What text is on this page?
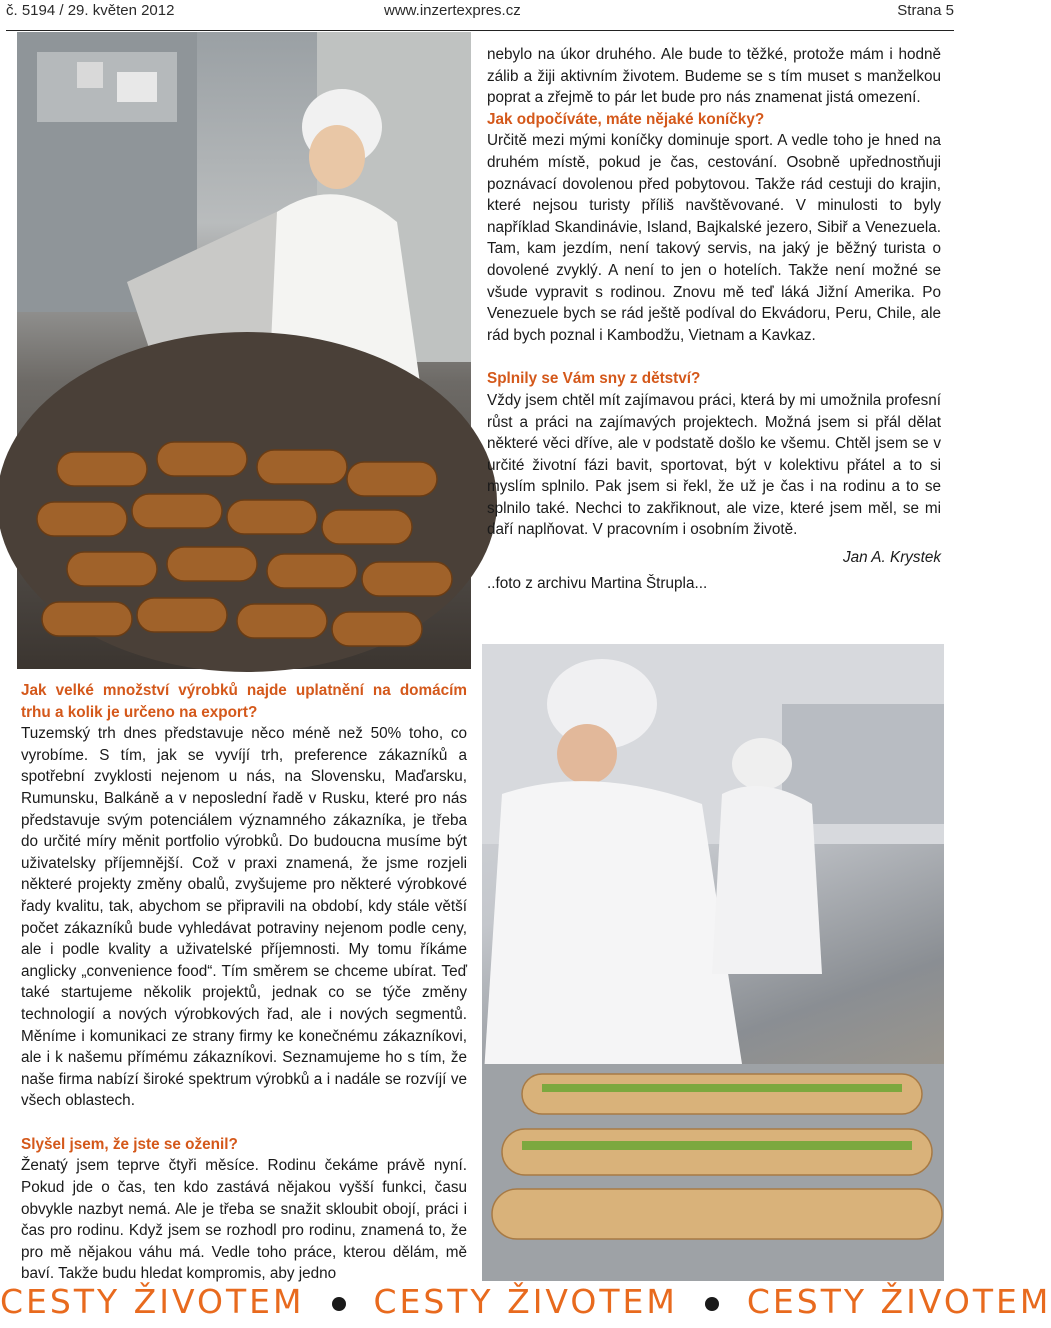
č. 5194 / 29. květen 2012	www.inzertexpres.cz	Strana 5

nebylo na úkor druhého. Ale bude to těžké, protože mám i hodně zálib a žiji aktivním životem. Budeme se s tím muset s manželkou poprat a zřejmě to pár let bude pro nás znamenat jistá omezení.

Jak odpočíváte, máte nějaké koníčky?

Určitě mezi mými koníčky dominuje sport. A vedle toho je hned na druhém místě, pokud je čas, cestování. Osobně upřednostňuji poznávací dovolenou před pobytovou. Takže rád cestuji do krajin, které nejsou turisty příliš navštěvované. V minulosti to byly například Skandinávie, Island, Bajkalské jezero, Sibiř a Venezuela. Tam, kam jezdím, není takový servis, na jaký je běžný turista o dovolené zvyklý. A není to jen o hotelích. Takže není možné se všude vypravit s rodinou. Znovu mě teď láká Jižní Amerika. Po Venezuele bych se rád ještě podíval do Ekvádoru, Peru, Chile, ale rád bych poznal i Kambodžu, Vietnam a Kavkaz.

Splnily se Vám sny z dětství?

Vždy jsem chtěl mít zajímavou práci, která by mi umožnila profesní růst a práci na zajímavých projektech. Možná jsem si přál dělat některé věci dříve, ale v podstatě došlo ke všemu. Chtěl jsem se v určité životní fázi bavit, sportovat, být v kolektivu přátel a to si myslím splnilo. Pak jsem si řekl, že už je čas i na rodinu a to se splnilo také. Nechci to zakřiknout, ale vize, které jsem měl, se mi daří naplňovat. V pracovním i osobním životě.

Jan A. Krystek

..foto z archivu Martina Štrupla...

Jak velké množství výrobků najde uplatnění na domácím trhu a kolik je určeno na export?

Tuzemský trh dnes představuje něco méně než 50% toho, co vyrobíme. S tím, jak se vyvíjí trh, preference zákazníků a spotřební zvyklosti nejenom u nás, na Slovensku, Maďarsku, Rumunsku, Balkáně a v neposlední řadě v Rusku, které pro nás představuje svým potenciálem významného zákazníka, je třeba do určité míry měnit portfolio výrobků. Do budoucna musíme být uživatelsky příjemnější. Což v praxi znamená, že jsme rozjeli některé projekty změny obalů, zvyšujeme pro některé výrobkové řady kvalitu, tak, abychom se připravili na období, kdy stále větší počet zákazníků bude vyhledávat potraviny nejenom podle ceny, ale i podle kvality a uživatelské příjemnosti. My tomu říkáme anglicky „convenience food“. Tím směrem se chceme ubírat. Teď také startujeme několik projektů, jednak co se týče změny technologií a nových výrobkových řad, ale i nových segmentů. Měníme i komunikaci ze strany firmy ke konečnému zákazníkovi, ale i k našemu přímému zákazníkovi. Seznamujeme ho s tím, že naše firma nabízí široké spektrum výrobků a i nadále se rozvíjí ve všech oblastech.

Slyšel jsem, že jste se oženil?

Ženatý jsem teprve čtyři měsíce. Rodinu čekáme právě nyní. Pokud jde o čas, ten kdo zastává nějakou vyšší funkci, času obvykle nazbyt nemá. Ale je třeba se snažit skloubit obojí, práci i čas pro rodinu. Když jsem se rozhodl pro rodinu, znamená to, že pro mě nějakou váhu má. Vedle toho práce, kterou dělám, mě baví. Takže budu hledat kompromis, aby jedno

CESTY ŽIVOTEM CESTY ŽIVOTEM CESTY ŽIVOTEM
